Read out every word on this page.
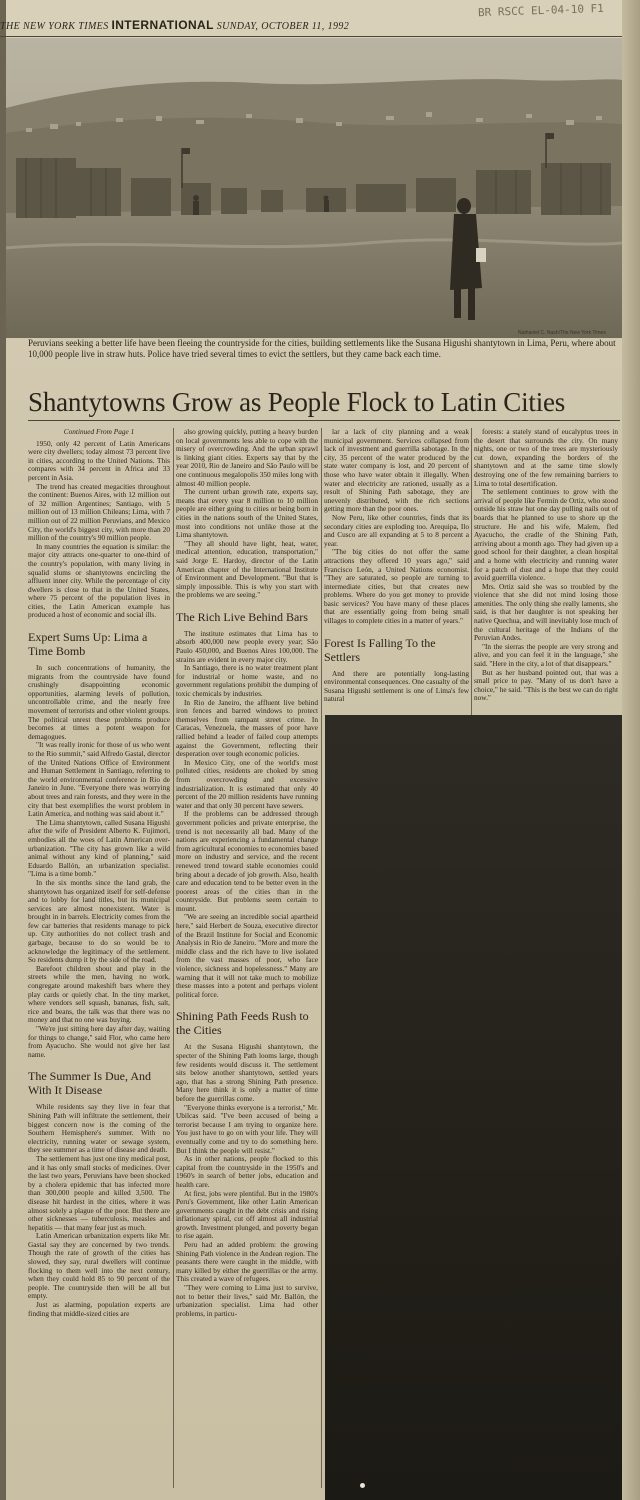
BR RSCC EL-04-10 F1
THE NEW YORK TIMES INTERNATIONAL SUNDAY, OCTOBER 11, 1992
Nathaniel C. Nash/The New York Times
Peruvians seeking a better life have been fleeing the countryside for the cities, building settlements like the Susana Higushi shantytown in Lima, Peru, where about 10,000 people live in straw huts. Police have tried several times to evict the settlers, but they came back each time.
Shantytowns Grow as People Flock to Latin Cities

Continued From Page 1

1950, only 42 percent of Latin Americans were city dwellers; today almost 73 percent live in cities, according to the United Nations. This compares with 34 percent in Africa and 33 percent in Asia.

The trend has created megacities throughout the continent: Buenos Aires, with 12 million out of 32 million Argentines; Santiago, with 5 million out of 13 million Chileans; Lima, with 7 million out of 22 million Peruvians, and Mexico City, the world's biggest city, with more than 20 million of the country's 90 million people.

In many countries the equation is similar: the major city attracts one-quarter to one-third of the country's population, with many living in squalid slums or shantytowns encircling the affluent inner city. While the percentage of city dwellers is close to that in the United States, where 75 percent of the population lives in cities, the Latin American example has produced a host of economic and social ills.

Expert Sums Up: Lima a Time Bomb

In such concentrations of humanity, the migrants from the countryside have found crushingly disappointing economic opportunities, alarming levels of pollution, uncontrollable crime, and the nearly free movement of terrorists and other violent groups. The political unrest these problems produce becomes at times a potent weapon for demagogues.

"It was really ironic for those of us who went to the Rio summit," said Alfredo Gastal, director of the United Nations Office of Environment and Human Settlement in Santiago, referring to the world environmental conference in Rio de Janeiro in June. "Everyone there was worrying about trees and rain forests, and they were in the city that best exemplifies the worst problem in Latin America, and nothing was said about it."

The Lima shantytown, called Susana Higushi after the wife of President Alberto K. Fujimori, embodies all the woes of Latin American over-urbanization. "The city has grown like a wild animal without any kind of planning," said Eduardo Ballón, an urbanization specialist. "Lima is a time bomb."

In the six months since the land grab, the shantytown has organized itself for self-defense and to lobby for land titles, but its municipal services are almost nonexistent. Water is brought in in barrels. Electricity comes from the few car batteries that residents manage to pick up. City authorities do not collect trash and garbage, because to do so would be to acknowledge the legitimacy of the settlement. So residents dump it by the side of the road.

Barefoot children shout and play in the streets while the men, having no work, congregate around makeshift bars where they play cards or quietly chat. In the tiny market, where vendors sell squash, bananas, fish, salt, rice and beans, the talk was that there was no money and that no one was buying.

"We're just sitting here day after day, waiting for things to change," said Flor, who came here from Ayacucho. She would not give her last name.

The Summer Is Due, And With It Disease

While residents say they live in fear that Shining Path will infiltrate the settlement, their biggest concern now is the coming of the Southern Hemisphere's summer. With no electricity, running water or sewage system, they see summer as a time of disease and death.

The settlement has just one tiny medical post, and it has only small stocks of medicines. Over the last two years, Peruvians have been shocked by a cholera epidemic that has infected more than 300,000 people and killed 3,500. The disease hit hardest in the cities, where it was almost solely a plague of the poor. But there are other sicknesses — tuberculosis, measles and hepatitis — that many fear just as much.

Latin American urbanization experts like Mr. Gastal say they are concerned by two trends. Though the rate of growth of the cities has slowed, they say, rural dwellers will continue flocking to them well into the next century, when they could hold 85 to 90 percent of the people. The countryside then will be all but empty.

Just as alarming, population experts are finding that middle-sized cities are

also growing quickly, putting a heavy burden on local governments less able to cope with the misery of overcrowding. And the urban sprawl is linking giant cities. Experts say that by the year 2010, Rio de Janeiro and São Paulo will be one continuous megalopolis 350 miles long with almost 40 million people.

The current urban growth rate, experts say, means that every year 8 million to 10 million people are either going to cities or being born in cities in the nations south of the United States, most into conditions not unlike those at the Lima shantytown.

"They all should have light, heat, water, medical attention, education, transportation," said Jorge E. Hardoy, director of the Latin American chapter of the International Institute of Environment and Development. "But that is simply impossible. This is why you start with the problems we are seeing."

The Rich Live Behind Bars

The institute estimates that Lima has to absorb 400,000 new people every year; São Paulo 450,000, and Buenos Aires 100,000. The strains are evident in every major city.

In Santiago, there is no water treatment plant for industrial or home waste, and no government regulations prohibit the dumping of toxic chemicals by industries.

In Rio de Janeiro, the affluent live behind iron fences and barred windows to protect themselves from rampant street crime. In Caracas, Venezuela, the masses of poor have rallied behind a leader of failed coup attempts against the Government, reflecting their desperation over tough economic policies.

In Mexico City, one of the world's most polluted cities, residents are choked by smog from overcrowding and excessive industrialization. It is estimated that only 40 percent of the 20 million residents have running water and that only 30 percent have sewers.

If the problems can be addressed through government policies and private enterprise, the trend is not necessarily all bad. Many of the nations are experiencing a fundamental change from agricultural economies to economies based more on industry and service, and the recent renewed trend toward stable economies could bring about a decade of job growth. Also, health care and education tend to be better even in the poorest areas of the cities than in the countryside. But problems seem certain to mount.

"We are seeing an incredible social apartheid here," said Herbert de Souza, executive director of the Brazil Institute for Social and Economic Analysis in Rio de Janeiro. "More and more the middle class and the rich have to live isolated from the vast masses of poor, who face violence, sickness and hopelessness." Many are warning that it will not take much to mobilize these masses into a potent and perhaps violent political force.

Shining Path Feeds Rush to the Cities

At the Susana Higushi shantytown, the specter of the Shining Path looms large, though few residents would discuss it. The settlement sits below another shantytown, settled years ago, that has a strong Shining Path presence. Many here think it is only a matter of time before the guerrillas come.

"Everyone thinks everyone is a terrorist," Mr. Ubilcas said. "I've been accused of being a terrorist because I am trying to organize here. You just have to go on with your life. They will eventually come and try to do something here. But I think the people will resist."

As in other nations, people flocked to this capital from the countryside in the 1950's and 1960's in search of better jobs, education and health care.

At first, jobs were plentiful. But in the 1980's Peru's Government, like other Latin American governments caught in the debt crisis and rising inflationary spiral, cut off almost all industrial growth. Investment plunged, and poverty began to rise again.

Peru had an added problem: the growing Shining Path violence in the Andean region. The peasants there were caught in the middle, with many killed by either the guerrillas or the army. This created a wave of refugees.

"They were coming to Lima just to survive, not to better their lives," said Mr. Ballón, the urbanization specialist. Lima had other problems, in particu-

lar a lack of city planning and a weak municipal government. Services collapsed from lack of investment and guerrilla sabotage. In the city, 35 percent of the water produced by the state water company is lost, and 20 percent of those who have water obtain it illegally. When water and electricity are rationed, usually as a result of Shining Path sabotage, they are unevenly distributed, with the rich sections getting more than the poor ones.

Now Peru, like other countries, finds that its secondary cities are exploding too. Arequipa, Ilo and Cusco are all expanding at 5 to 8 percent a year.

"The big cities do not offer the same attractions they offered 10 years ago," said Francisco León, a United Nations economist. "They are saturated, so people are turning to intermediate cities, but that creates new problems. Where do you get money to provide basic services? You have many of these places that are essentially going from being small villages to complete cities in a matter of years."

Forest Is Falling To the Settlers

And there are potentially long-lasting environmental consequences. One casualty of the Susana Higushi settlement is one of Lima's few natural

forests: a stately stand of eucalyptus trees in the desert that surrounds the city. On many nights, one or two of the trees are mysteriously cut down, expanding the borders of the shantytown and at the same time slowly destroying one of the few remaining barriers to Lima to total desertification.

The settlement continues to grow with the arrival of people like Fermín de Ortiz, who stood outside his straw hut one day pulling nails out of boards that he planned to use to shore up the structure. He and his wife, Malem, fled Ayacucho, the cradle of the Shining Path, arriving about a month ago. They had given up a good school for their daughter, a clean hospital and a home with electricity and running water for a patch of dust and a hope that they could avoid guerrilla violence.

Mrs. Ortiz said she was so troubled by the violence that she did not mind losing those amenities. The only thing she really laments, she said, is that her daughter is not speaking her native Quechua, and will inevitably lose much of the cultural heritage of the Indians of the Peruvian Andes.

"In the sierras the people are very strong and alive, and you can feel it in the language," she said. "Here in the city, a lot of that disappears."

But as her husband pointed out, that was a small price to pay. "Many of us don't have a choice," he said. "This is the best we can do right now."
